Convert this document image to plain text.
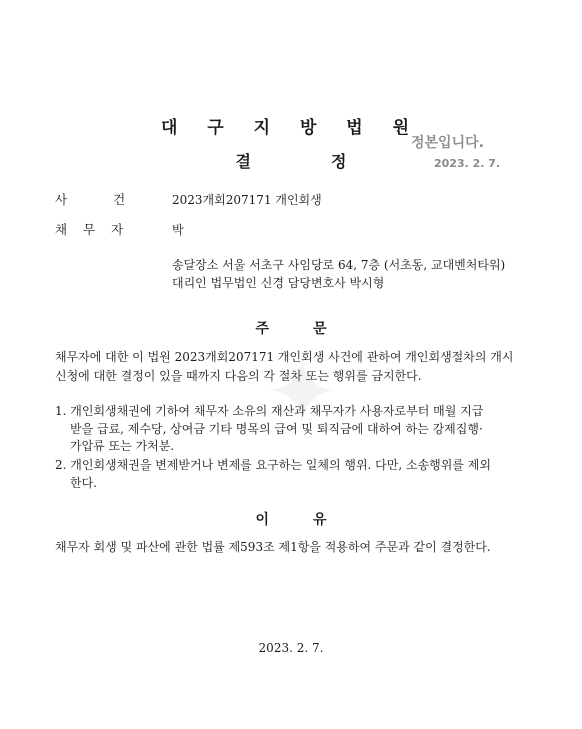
✦
대 구 지 방 법 원
결	정
정본입니다.
2023. 2. 7.
사	건	2023개회207171 개인회생
채 무 자	박
송달장소 서울 서초구 사임당로 64, 7층 (서초동, 교대벤처타워)
대리인 법무법인 신경 담당변호사 박시형
주	문
채무자에 대한 이 법원 2023개회207171 개인회생 사건에 관하여 개인회생절차의 개시
신청에 대한 결정이 있을 때까지 다음의 각 절차 또는 행위를 금지한다.
1. 개인회생채권에 기하여 채무자 소유의 재산과 채무자가 사용자로부터 매월 지급
받을 급료, 제수당, 상여금 기타 명목의 급여 및 퇴직금에 대하여 하는 강제집행·
가압류 또는 가처분.
2. 개인회생채권을 변제받거나 변제를 요구하는 일체의 행위. 다만, 소송행위를 제외
한다.
이	유
채무자 회생 및 파산에 관한 법률 제593조 제1항을 적용하여 주문과 같이 결정한다.
2023. 2. 7.
